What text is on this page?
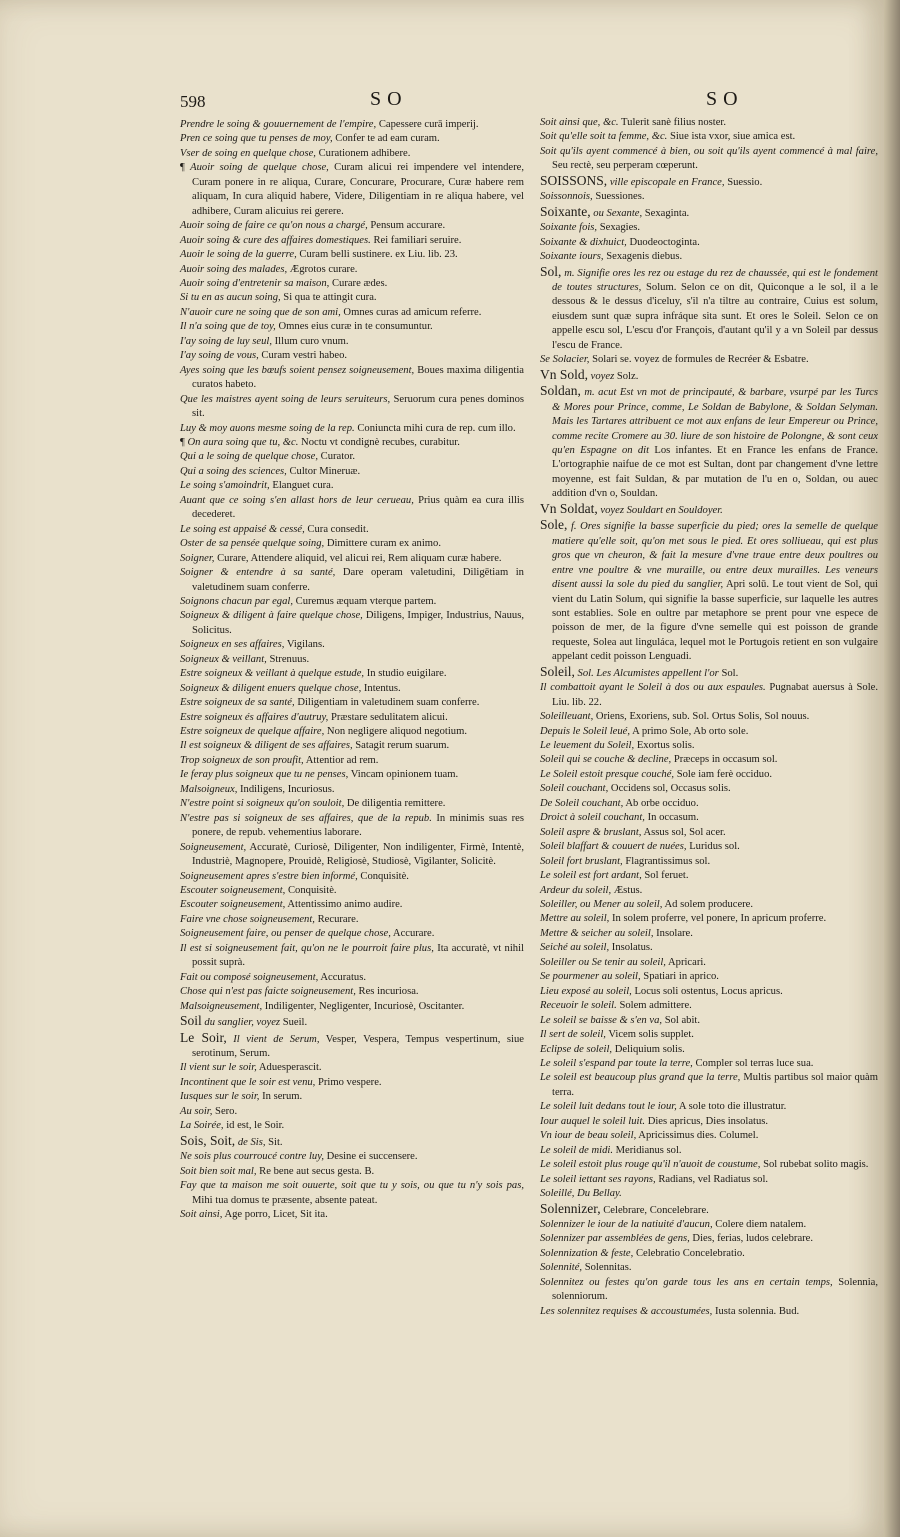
598	SO	SO

Prendre le soing & gouuernement de l'empire, Capessere curā imperij.

Pren ce soing que tu penses de moy, Confer te ad eam curam.

Vser de soing en quelque chose, Curationem adhibere.

¶ Auoir soing de quelque chose, Curam alicui rei impendere vel intendere, Curam ponere in re aliqua, Curare, Concurare, Procurare, Curæ habere rem aliquam, In cura aliquid habere, Videre, Diligentiam in re aliqua habere, vel adhibere, Curam alicuius rei gerere.

Auoir soing de faire ce qu'on nous a chargé, Pensum accurare.

Auoir soing & cure des affaires domestiques. Rei familiari seruire.

Auoir le soing de la guerre, Curam belli sustinere. ex Liu. lib. 23.

Auoir soing des malades, Ægrotos curare.

Auoir soing d'entretenir sa maison, Curare ædes.

Si tu en as aucun soing, Si qua te attingit cura.

N'auoir cure ne soing que de son ami, Omnes curas ad amicum referre.

Il n'a soing que de toy, Omnes eius curæ in te consumuntur.

I'ay soing de luy seul, Illum curo vnum.

I'ay soing de vous, Curam vestri habeo.

Ayes soing que les bœufs soient pensez soigneusement, Boues maxima diligentia curatos habeto.

Que les maistres ayent soing de leurs seruiteurs, Seruorum cura penes dominos sit.

Luy & moy auons mesme soing de la rep. Coniuncta mihi cura de rep. cum illo.

¶ On aura soing que tu, &c. Noctu vt condignè recubes, curabitur.

Qui a le soing de quelque chose, Curator.

Qui a soing des sciences, Cultor Mineruæ.

Le soing s'amoindrit, Elanguet cura.

Auant que ce soing s'en allast hors de leur cerueau, Prius quàm ea cura illis decederet.

Le soing est appaisé & cessé, Cura consedit.

Oster de sa pensée quelque soing, Dimittere curam ex animo.

Soigner, Curare, Attendere aliquid, vel alicui rei, Rem aliquam curæ habere.

Soigner & entendre à sa santé, Dare operam valetudini, Diligētiam in valetudinem suam conferre.

Soignons chacun par egal, Curemus æquam vterque partem.

Soigneux & diligent à faire quelque chose, Diligens, Impiger, Industrius, Nauus, Solicitus.

Soigneux en ses affaires, Vigilans.

Soigneux & veillant, Strenuus.

Estre soigneux & veillant à quelque estude, In studio euigilare.

Soigneux & diligent enuers quelque chose, Intentus.

Estre soigneux de sa santé, Diligentiam in valetudinem suam conferre.

Estre soigneux és affaires d'autruy, Præstare sedulitatem alicui.

Estre soigneux de quelque affaire, Non negligere aliquod negotium.

Il est soigneux & diligent de ses affaires, Satagit rerum suarum.

Trop soigneux de son proufit, Attentior ad rem.

Ie feray plus soigneux que tu ne penses, Vincam opinionem tuam.

Malsoigneux, Indiligens, Incuriosus.

N'estre point si soigneux qu'on souloit, De diligentia remittere.

N'estre pas si soigneux de ses affaires, que de la repub. In minimis suas res ponere, de repub. vehementius laborare.

Soigneusement, Accuratè, Curiosè, Diligenter, Non indiligenter, Firmè, Intentè, Industriè, Magnopere, Prouidè, Religiosè, Studiosè, Vigilanter, Solicitè.

Soigneusement apres s'estre bien informé, Conquisitè.

Escouter soigneusement, Conquisitè.

Escouter soigneusement, Attentissimo animo audire.

Faire vne chose soigneusement, Recurare.

Soigneusement faire, ou penser de quelque chose, Accurare.

Il est si soigneusement fait, qu'on ne le pourroit faire plus, Ita accuratè, vt nihil possit suprà.

Fait ou composé soigneusement, Accuratus.

Chose qui n'est pas faicte soigneusement, Res incuriosa.

Malsoigneusement, Indiligenter, Negligenter, Incuriosè, Oscitanter.

Soil du sanglier, voyez Sueil.

Le Soir, Il vient de Serum, Vesper, Vespera, Tempus vespertinum, siue serotinum, Serum.

Il vient sur le soir, Aduesperascit.

Incontinent que le soir est venu, Primo vespere.

Iusques sur le soir, In serum.

Au soir, Sero.

La Soirée, id est, le Soir.

Sois, Soit, de Sis, Sit.

Ne sois plus courroucé contre luy, Desine ei succensere.

Soit bien soit mal, Re bene aut secus gesta. B.

Fay que ta maison me soit ouuerte, soit que tu y sois, ou que tu n'y sois pas, Mihi tua domus te præsente, absente pateat.

Soit ainsi, Age porro, Licet, Sit ita.

Soit ainsi que, &c. Tulerit sanè filius noster.

Soit qu'elle soit ta femme, &c. Siue ista vxor, siue amica est.

Soit qu'ils ayent commencé à bien, ou soit qu'ils ayent commencé à mal faire, Seu rectè, seu perperam cœperunt.

SOISSONS, ville episcopale en France, Suessio.

Soissonnois, Suessiones.

Soixante, ou Sexante, Sexaginta.

Soixante fois, Sexagies.

Soixante & dixhuict, Duodeoctoginta.

Soixante iours, Sexagenis diebus.

Sol, m. Signifie ores les rez ou estage du rez de chaussée, qui est le fondement de toutes structures, Solum. Selon ce on dit, Quiconque a le sol, il a le dessous & le dessus d'iceluy, s'il n'a tiltre au contraire, Cuius est solum, eiusdem sunt quæ supra infráque sita sunt. Et ores le Soleil. Selon ce on appelle escu sol, L'escu d'or François, d'autant qu'il y a vn Soleil par dessus l'escu de France.

Se Solacier, Solari se. voyez de formules de Recréer & Esbatre.

Vn Sold, voyez Solz.

Soldan, m. acut Est vn mot de principauté, & barbare, vsurpé par les Turcs & Mores pour Prince, comme, Le Soldan de Babylone, & Soldan Selyman. Mais les Tartares attribuent ce mot aux enfans de leur Empereur ou Prince, comme recite Cromere au 30. liure de son histoire de Polongne, & sont ceux qu'en Espagne on dit Los infantes. Et en France les enfans de France. L'ortographie naifue de ce mot est Sultan, dont par changement d'vne lettre moyenne, est fait Suldan, & par mutation de l'u en o, Soldan, ou auec addition d'vn o, Souldan.

Vn Soldat, voyez Souldart en Souldoyer.

Sole, f. Ores signifie la basse superficie du pied; ores la semelle de quelque matiere qu'elle soit, qu'on met sous le pied. Et ores solliueau, qui est plus gros que vn cheuron, & fait la mesure d'vne traue entre deux poultres ou entre vne poultre & vne muraille, ou entre deux murailles. Les veneurs disent aussi la sole du pied du sanglier, Apri solū. Le tout vient de Sol, qui vient du Latin Solum, qui signifie la basse superficie, sur laquelle les autres sont establies. Sole en oultre par metaphore se prent pour vne espece de poisson de mer, de la figure d'vne semelle qui est poisson de grande requeste, Solea aut linguláca, lequel mot le Portugois retient en son vulgaire appelant cedit poisson Lenguadi.

Soleil, Sol. Les Alcumistes appellent l'or Sol.

Il combattoit ayant le Soleil à dos ou aux espaules. Pugnabat auersus à Sole. Liu. lib. 22.

Soleilleuant, Oriens, Exoriens, sub. Sol. Ortus Solis, Sol nouus.

Depuis le Soleil leué, A primo Sole, Ab orto sole.

Le leuement du Soleil, Exortus solis.

Soleil qui se couche & decline, Præceps in occasum sol.

Le Soleil estoit presque couché, Sole iam ferè occiduo.

Soleil couchant, Occidens sol, Occasus solis.

De Soleil couchant, Ab orbe occiduo.

Droict à soleil couchant, In occasum.

Soleil aspre & bruslant, Assus sol, Sol acer.

Soleil blaffart & couuert de nuées, Luridus sol.

Soleil fort bruslant, Flagrantissimus sol.

Le soleil est fort ardant, Sol feruet.

Ardeur du soleil, Æstus.

Soleiller, ou Mener au soleil, Ad solem producere.

Mettre au soleil, In solem proferre, vel ponere, In apricum proferre.

Mettre & seicher au soleil, Insolare.

Seiché au soleil, Insolatus.

Soleiller ou Se tenir au soleil, Apricari.

Se pourmener au soleil, Spatiari in aprico.

Lieu exposé au soleil, Locus soli ostentus, Locus apricus.

Receuoir le soleil. Solem admittere.

Le soleil se baisse & s'en va, Sol abit.

Il sert de soleil, Vicem solis supplet.

Eclipse de soleil, Deliquium solis.

Le soleil s'espand par toute la terre, Compler sol terras luce sua.

Le soleil est beaucoup plus grand que la terre, Multis partibus sol maior quàm terra.

Le soleil luit dedans tout le iour, A sole toto die illustratur.

Iour auquel le soleil luit. Dies apricus, Dies insolatus.

Vn iour de beau soleil, Apricissimus dies. Columel.

Le soleil de midi. Meridianus sol.

Le soleil estoit plus rouge qu'il n'auoit de coustume, Sol rubebat solito magis.

Le soleil iettant ses rayons, Radians, vel Radiatus sol.

Soleillé, Du Bellay.

Solennizer, Celebrare, Concelebrare.

Solennizer le iour de la natiuité d'aucun, Colere diem natalem.

Solennizer par assemblées de gens, Dies, ferias, ludos celebrare.

Solennization & feste, Celebratio Concelebratio.

Solennité, Solennitas.

Solennitez ou festes qu'on garde tous les ans en certain temps, Solennia, solenniorum.

Les solennitez requises & accoustumées, Iusta solennia. Bud.
